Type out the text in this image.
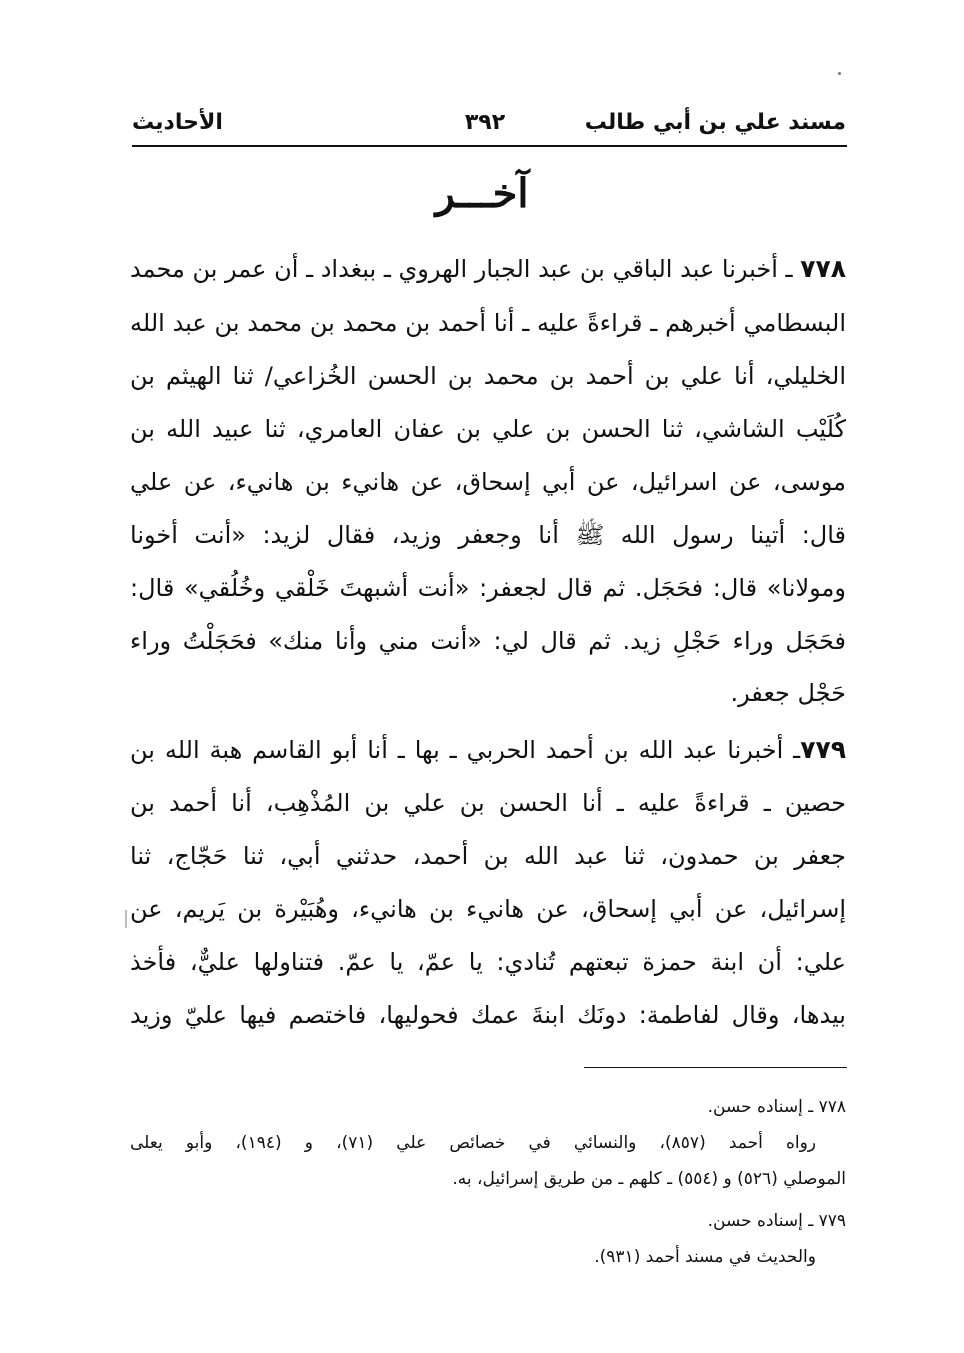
مسند علي بن أبي طالب
٣٩٢
الأحاديث
آخـــر
٧٧٨ ـ أخبرنا عبد الباقي بن عبد الجبار الهروي ـ ببغداد ـ أن عمر بن محمد
البسطامي أخبرهم ـ قراءةً عليه ـ أنا أحمد بن محمد بن محمد بن عبد الله
الخليلي، أنا علي بن أحمد بن محمد بن الحسن الخُزاعي/ ثنا الهيثم بن
كُلَيْب الشاشي، ثنا الحسن بن علي بن عفان العامري، ثنا عبيد الله بن
موسى، عن اسرائيل، عن أبي إسحاق، عن هانيء بن هانيء، عن علي
قال: أتينا رسول الله ﷺ أنا وجعفر وزيد، فقال لزيد: «أنت أخونا
ومولانا» قال: فحَجَل. ثم قال لجعفر: «أنت أشبهتَ خَلْقي وخُلُقي» قال:
فحَجَل وراء حَجْلِ زيد. ثم قال لي: «أنت مني وأنا منك» فحَجَلْتُ وراء
حَجْل جعفر.
٧٧٩ـ أخبرنا عبد الله بن أحمد الحربي ـ بها ـ أنا أبو القاسم هبة الله بن
حصين ـ قراءةً عليه ـ أنا الحسن بن علي بن المُذْهِب، أنا أحمد بن
جعفر بن حمدون، ثنا عبد الله بن أحمد، حدثني أبي، ثنا حَجّاج، ثنا
إسرائيل، عن أبي إسحاق، عن هانيء بن هانيء، وهُبَيْرة بن يَريم، عن
علي: أن ابنة حمزة تبعتهم تُنادي: يا عمّ، يا عمّ. فتناولها عليٌّ، فأخذ
بيدها، وقال لفاطمة: دونَك ابنةَ عمك فحوليها، فاختصم فيها عليّ وزيد
٧٧٨ ـ إسناده حسن.
رواه أحمد (٨٥٧)، والنسائي في خصائص علي (٧١)، و (١٩٤)، وأبو يعلى
الموصلي (٥٢٦) و (٥٥٤) ـ كلهم ـ من طريق إسرائيل، به.
٧٧٩ ـ إسناده حسن.
والحديث في مسند أحمد (٩٣١).
